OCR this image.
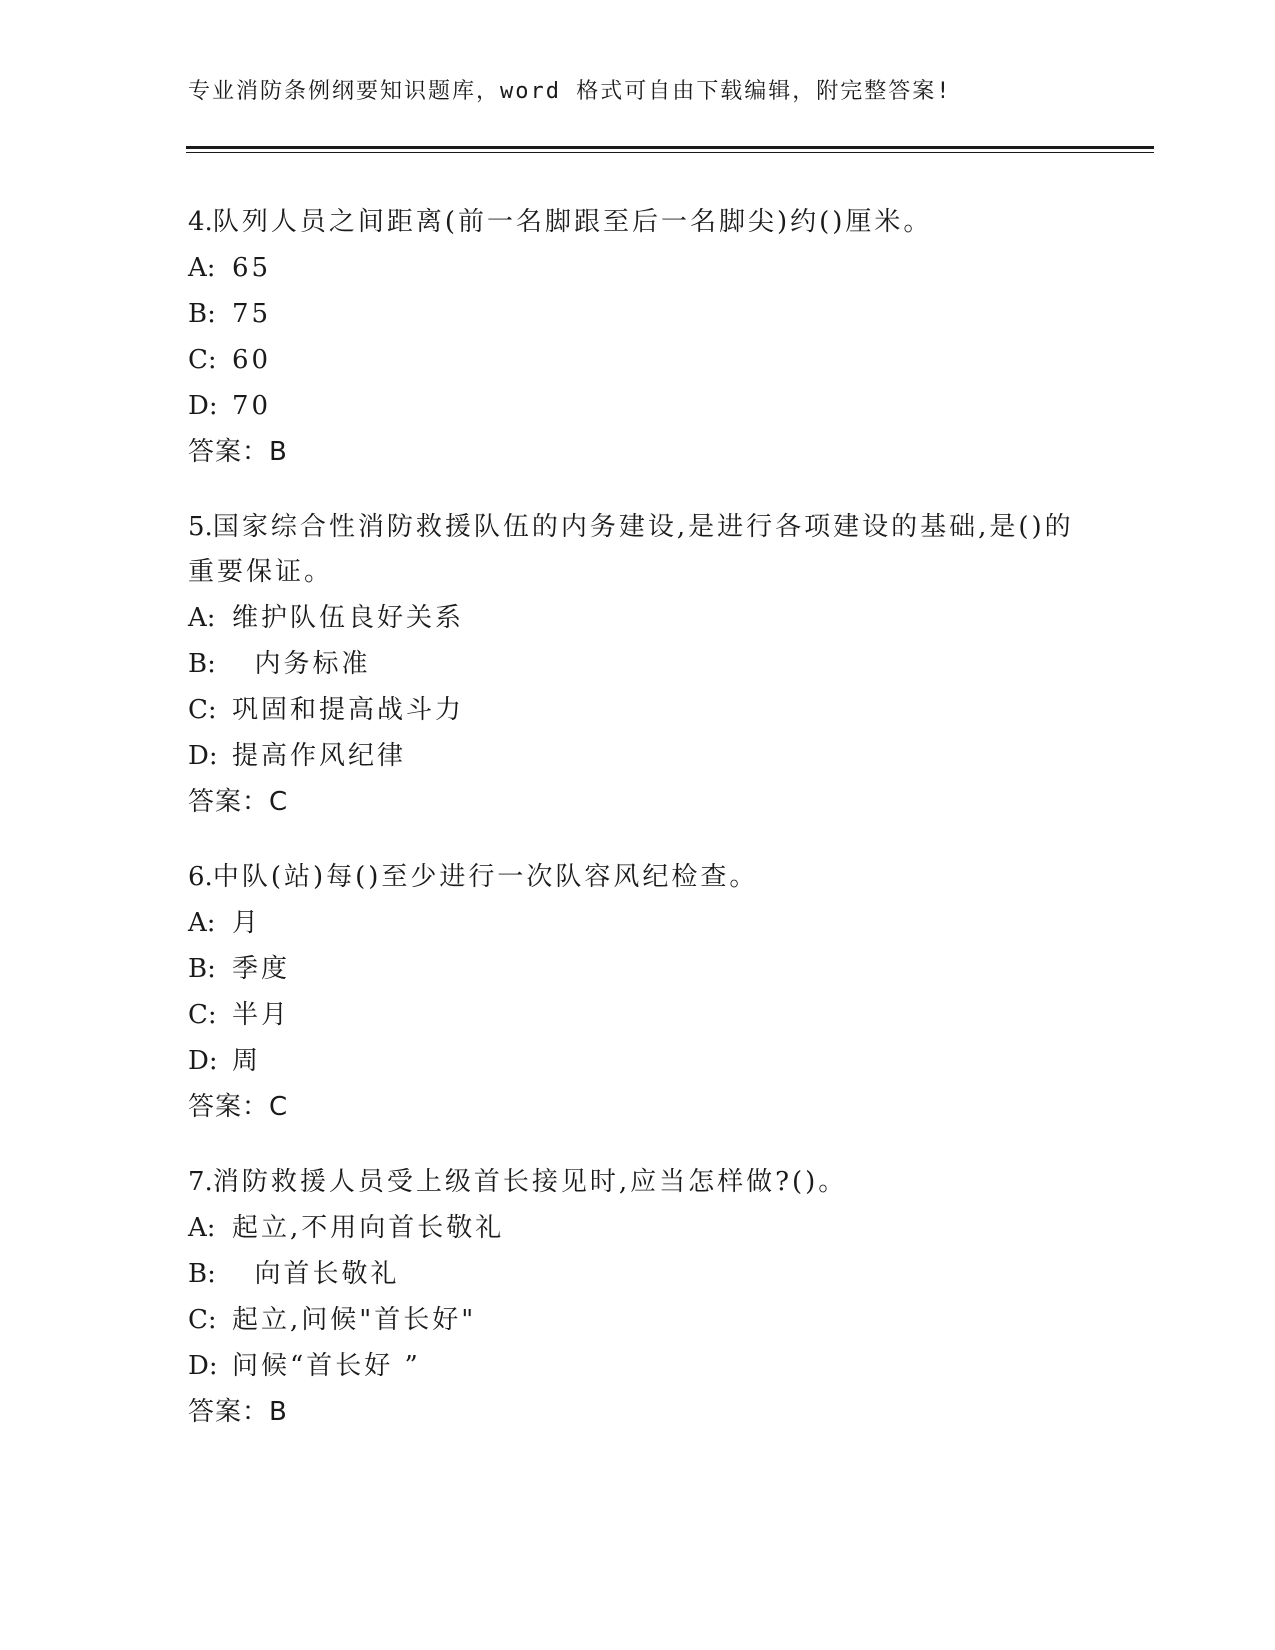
专业消防条例纲要知识题库，word 格式可自由下载编辑，附完整答案!

4.队列人员之间距离(前一名脚跟至后一名脚尖)约()厘米。

A: 65

B: 75

C: 60

D: 70

答案：B

5.国家综合性消防救援队伍的内务建设,是进行各项建设的基础,是()的重要保证。

A: 维护队伍良好关系

B:  内务标准

C: 巩固和提高战斗力

D: 提高作风纪律

答案：C

6.中队(站)每()至少进行一次队容风纪检查。

A: 月

B: 季度

C: 半月

D: 周

答案：C

7.消防救援人员受上级首长接见时,应当怎样做?()。

A: 起立,不用向首长敬礼

B:  向首长敬礼

C: 起立,问候"首长好"

D: 问候“首长好 ”

答案：B
